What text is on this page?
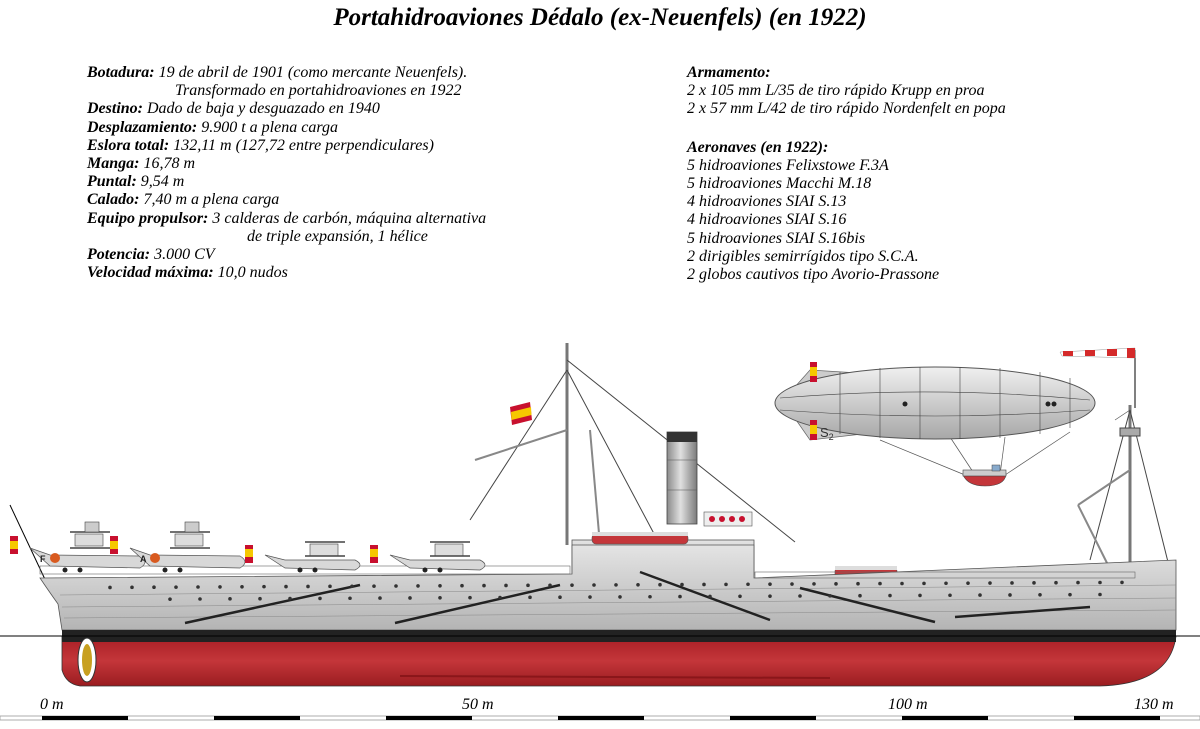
Portahidroaviones Dédalo (ex-Neuenfels) (en 1922)
Botadura: 19 de abril de 1901 (como mercante Neuenfels).
Transformado en portahidroaviones en 1922
Destino: Dado de baja y desguazado en 1940
Desplazamiento: 9.900 t a plena carga
Eslora total: 132,11 m (127,72 entre perpendiculares)
Manga: 16,78 m
Puntal: 9,54 m
Calado: 7,40 m a plena carga
Equipo propulsor: 3 calderas de carbón, máquina alternativa
de triple expansión, 1 hélice
Potencia: 3.000 CV
Velocidad máxima: 10,0 nudos
Armamento:
2 x 105 mm L/35 de tiro rápido Krupp en proa
2 x 57 mm L/42 de tiro rápido Nordenfelt en popa
Aeronaves (en 1922):
5 hidroaviones Felixstowe F.3A
5 hidroaviones Macchi M.18
4 hidroaviones SIAI S.13
4 hidroaviones SIAI S.16
5 hidroaviones SIAI S.16bis
2 dirigibles semirrígidos tipo S.C.A.
2 globos cautivos tipo Avorio-Prassone
$S_2$
F	A
0 m	50 m	100 m	130 m
